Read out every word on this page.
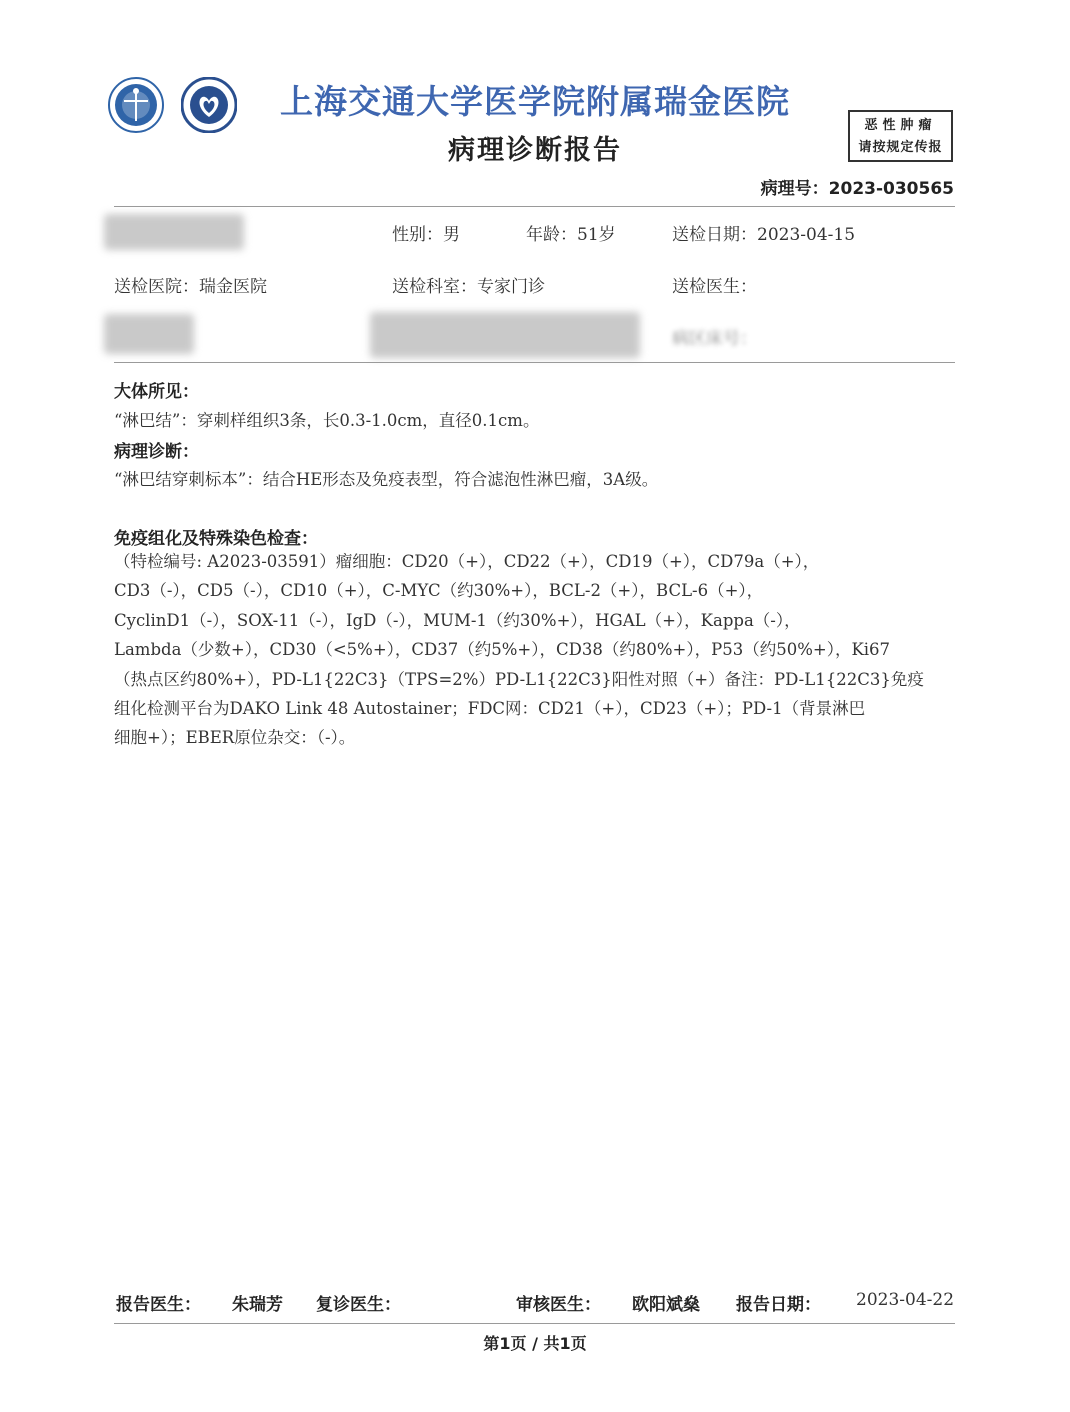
上海交通大学医学院附属瑞金医院
病理诊断报告
恶性肿瘤
请按规定传报
病理号：2023-030565
性别：男	年龄：51岁	送检日期：2023-04-15
送检医院：瑞金医院	送检科室：专家门诊	送检医生：
病区床号：
大体所见：
“淋巴结”：穿刺样组织3条，长0.3-1.0cm，直径0.1cm。
病理诊断：
“淋巴结穿刺标本”：结合HE形态及免疫表型，符合滤泡性淋巴瘤，3A级。
免疫组化及特殊染色检查：
（特检编号: A2023-03591）瘤细胞：CD20（+），CD22（+），CD19（+），CD79a（+），
CD3（-），CD5（-），CD10（+），C-MYC（约30%+），BCL-2（+），BCL-6（+），
CyclinD1（-），SOX-11（-），IgD（-），MUM-1（约30%+），HGAL（+），Kappa（-），
Lambda（少数+），CD30（<5%+），CD37（约5%+），CD38（约80%+），P53（约50%+），Ki67
（热点区约80%+），PD-L1{22C3}（TPS=2%）PD-L1{22C3}阳性对照（+）备注：PD-L1{22C3}免疫
组化检测平台为DAKO Link 48 Autostainer；FDC网：CD21（+），CD23（+）；PD-1（背景淋巴
细胞+）；EBER原位杂交：（-）。
报告医生： 朱瑞芳 复诊医生：	审核医生： 欧阳斌燊 报告日期： 2023-04-22
第1页 / 共1页
